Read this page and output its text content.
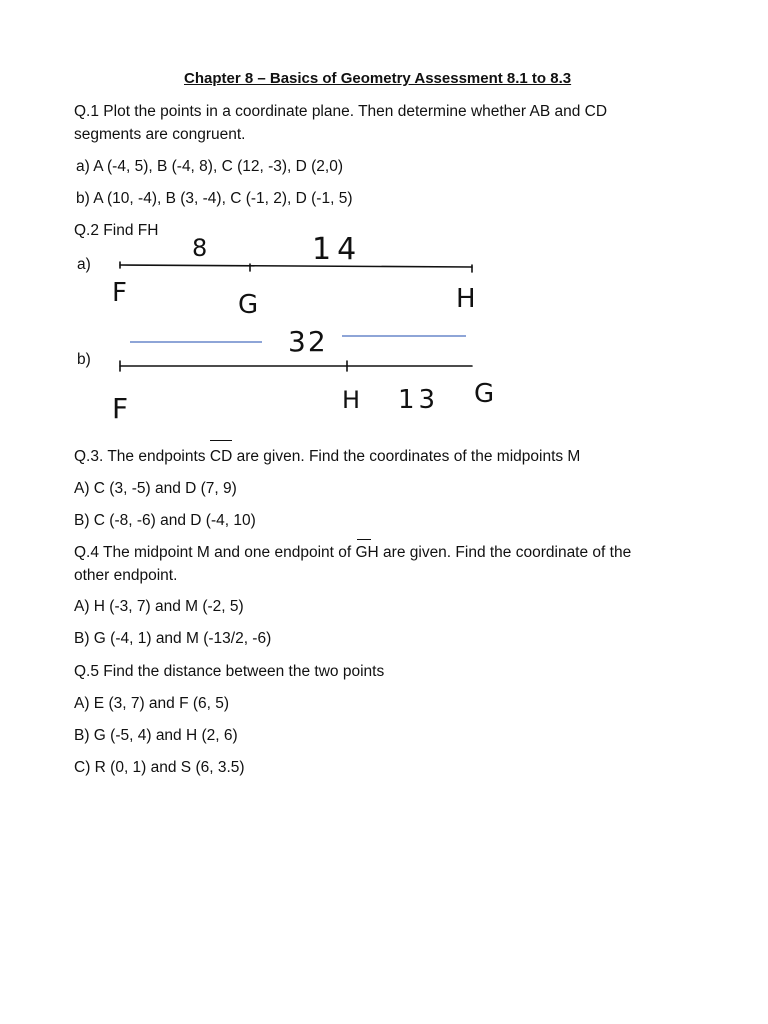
Chapter 8 – Basics of Geometry Assessment 8.1 to 8.3
Q.1 Plot the points in a coordinate plane. Then determine whether AB and CD
segments are congruent.
a) A (-4, 5), B (-4, 8), C (12, -3), D (2,0)
b) A (10, -4), B (3, -4), C (-1, 2), D (-1, 5)
Q.2 Find FH
a)
b)
8	14
F	G	H
32
F	H 13 G
Q.3. The endpoints
CD are given. Find the coordinates of the midpoints M
A) C (3, -5) and D (7, 9)
B) C (-8, -6) and D (-4, 10)
Q.4 The midpoint M and one endpoint of
GH are given. Find the coordinate of the
other endpoint.
A) H (-3, 7) and M (-2, 5)
B) G (-4, 1) and M (-13/2, -6)
Q.5 Find the distance between the two points
A) E (3, 7) and F (6, 5)
B) G (-5, 4) and H (2, 6)
C) R (0, 1) and S (6, 3.5)
